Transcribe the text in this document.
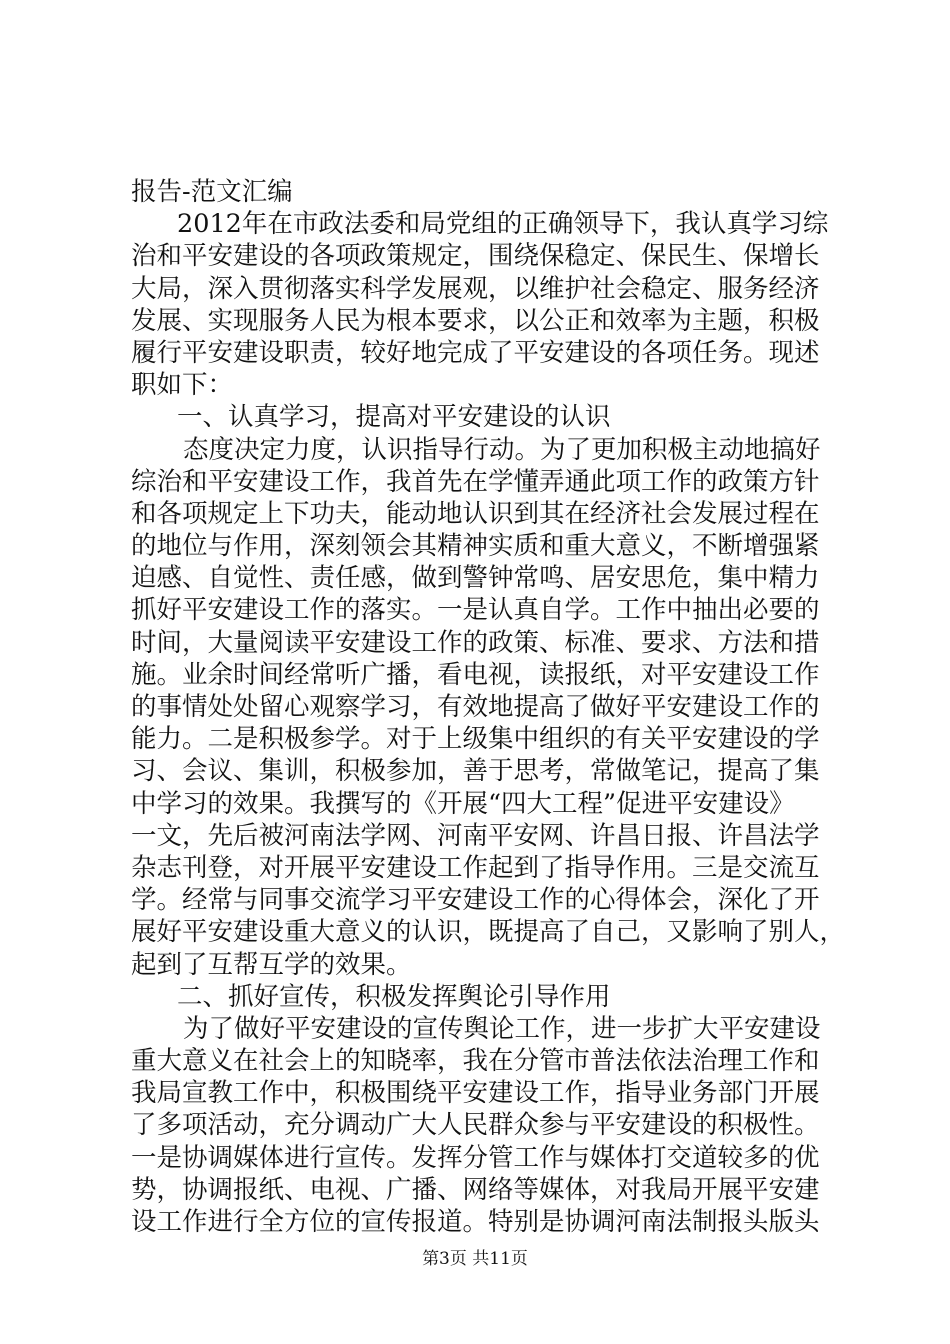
报告-范文汇编
2012年在市政法委和局党组的正确领导下，我认真学习综
治和平安建设的各项政策规定，围绕保稳定、保民生、保增长
大局，深入贯彻落实科学发展观，以维护社会稳定、服务经济
发展、实现服务人民为根本要求，以公正和效率为主题，积极
履行平安建设职责，较好地完成了平安建设的各项任务。现述
职如下：
一、认真学习，提高对平安建设的认识
态度决定力度，认识指导行动。为了更加积极主动地搞好
综治和平安建设工作，我首先在学懂弄通此项工作的政策方针
和各项规定上下功夫，能动地认识到其在经济社会发展过程在
的地位与作用，深刻领会其精神实质和重大意义，不断增强紧
迫感、自觉性、责任感，做到警钟常鸣、居安思危，集中精力
抓好平安建设工作的落实。一是认真自学。工作中抽出必要的
时间，大量阅读平安建设工作的政策、标准、要求、方法和措
施。业余时间经常听广播，看电视，读报纸，对平安建设工作
的事情处处留心观察学习，有效地提高了做好平安建设工作的
能力。二是积极参学。对于上级集中组织的有关平安建设的学
习、会议、集训，积极参加，善于思考，常做笔记，提高了集
中学习的效果。我撰写的《开展“四大工程”促进平安建设》
一文，先后被河南法学网、河南平安网、许昌日报、许昌法学
杂志刊登，对开展平安建设工作起到了指导作用。三是交流互
学。经常与同事交流学习平安建设工作的心得体会，深化了开
展好平安建设重大意义的认识，既提高了自己，又影响了别人，
起到了互帮互学的效果。
二、抓好宣传，积极发挥舆论引导作用
为了做好平安建设的宣传舆论工作，进一步扩大平安建设
重大意义在社会上的知晓率，我在分管市普法依法治理工作和
我局宣教工作中，积极围绕平安建设工作，指导业务部门开展
了多项活动，充分调动广大人民群众参与平安建设的积极性。
一是协调媒体进行宣传。发挥分管工作与媒体打交道较多的优
势，协调报纸、电视、广播、网络等媒体，对我局开展平安建
设工作进行全方位的宣传报道。特别是协调河南法制报头版头
第3页 共11页
